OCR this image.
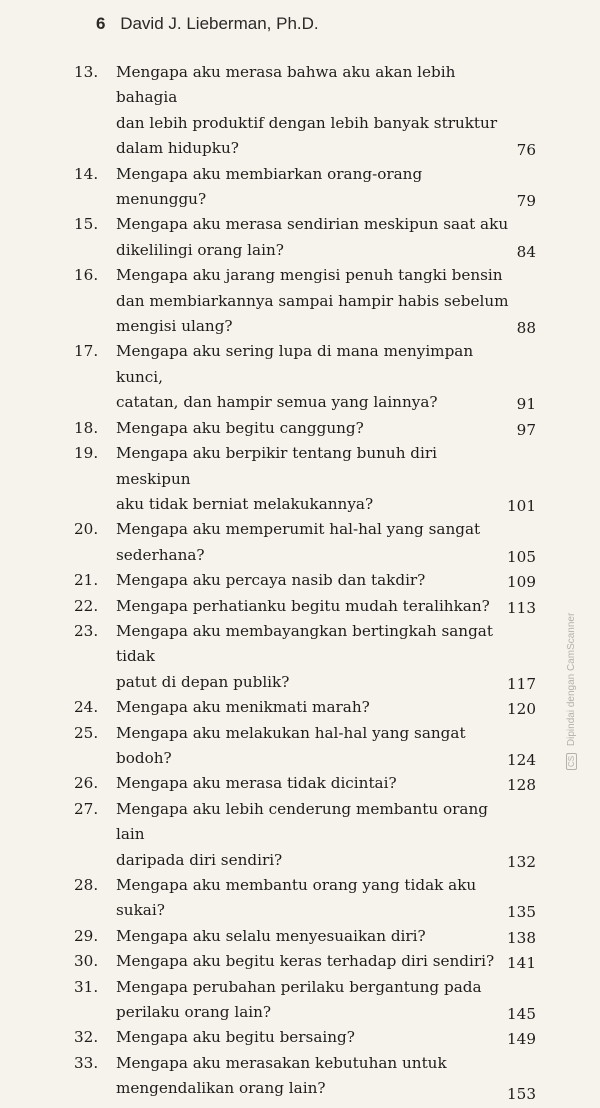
6 David J. Lieberman, Ph.D.
13.	Mengapa aku merasa bahwa aku akan lebih bahagia
dan lebih produktif dengan lebih banyak struktur
dalam hidupku?	76
14.	Mengapa aku membiarkan orang-orang menunggu?	79
15.	Mengapa aku merasa sendirian meskipun saat aku
dikelilingi orang lain?	84
16.	Mengapa aku jarang mengisi penuh tangki bensin
dan membiarkannya sampai hampir habis sebelum
mengisi ulang?	88
17.	Mengapa aku sering lupa di mana menyimpan kunci,
catatan, dan hampir semua yang lainnya?	91
18.	Mengapa aku begitu canggung?	97
19.	Mengapa aku berpikir tentang bunuh diri meskipun
aku tidak berniat melakukannya?	101
20.	Mengapa aku memperumit hal-hal yang sangat
sederhana?	105
21.	Mengapa aku percaya nasib dan takdir?	109
22.	Mengapa perhatianku begitu mudah teralihkan?	113
23.	Mengapa aku membayangkan bertingkah sangat tidak
patut di depan publik?	117
24.	Mengapa aku menikmati marah?	120
25.	Mengapa aku melakukan hal-hal yang sangat bodoh?	124
26.	Mengapa aku merasa tidak dicintai?	128
27.	Mengapa aku lebih cenderung membantu orang lain
daripada diri sendiri?	132
28.	Mengapa aku membantu orang yang tidak aku sukai?	135
29.	Mengapa aku selalu menyesuaikan diri?	138
30.	Mengapa aku begitu keras terhadap diri sendiri? 141
31.	Mengapa perubahan perilaku bergantung pada
perilaku orang lain?	145
32.	Mengapa aku begitu bersaing?	149
33.	Mengapa aku merasakan kebutuhan untuk
mengendalikan orang lain?	153
CS Dipindai dengan CamScanner
